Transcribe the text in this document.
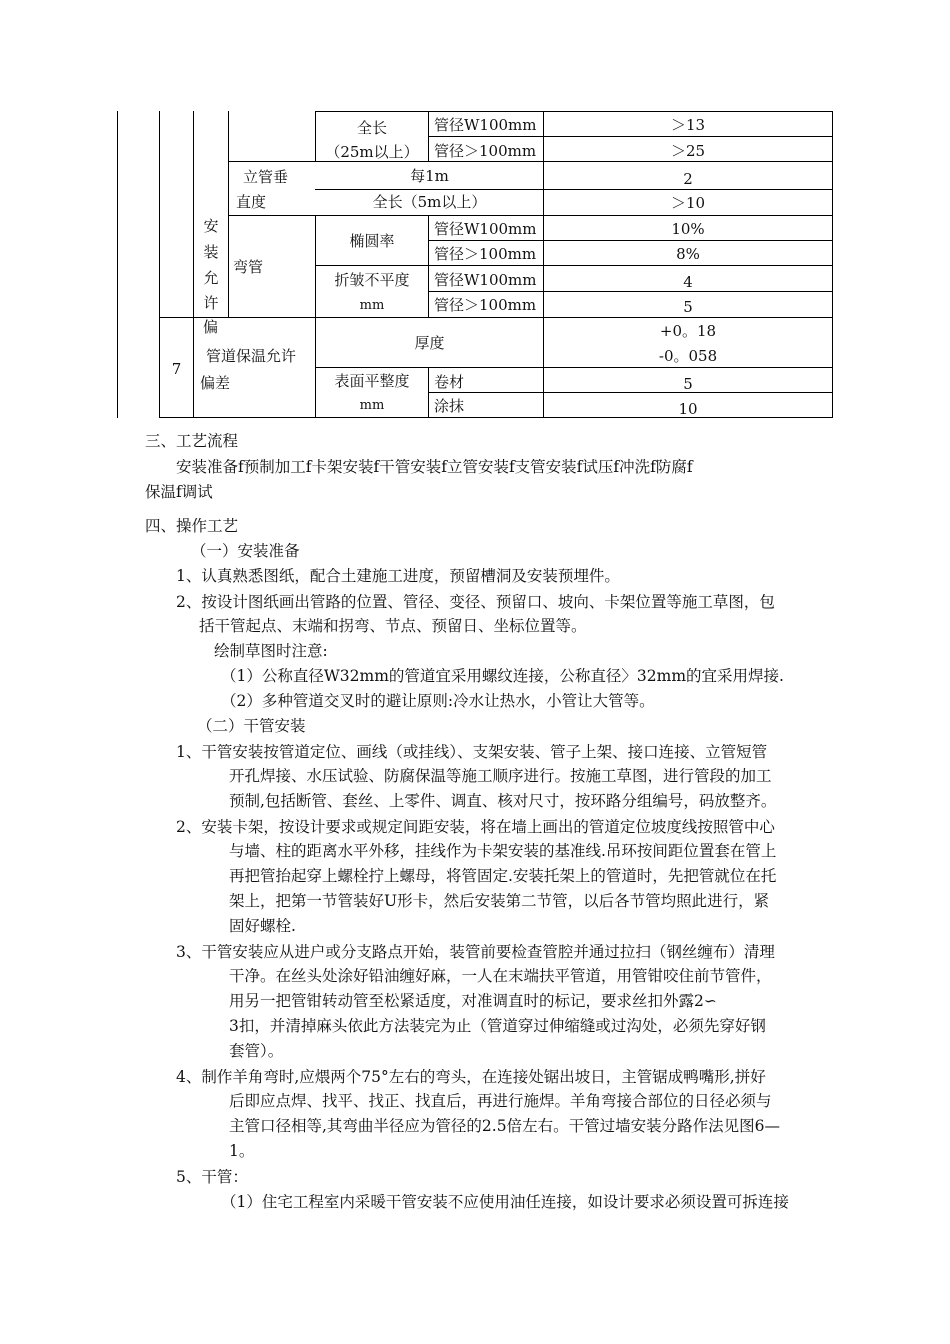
全长
（25m以上）
管径W100mm
管径＞100mm
＞13
＞25
立管垂
直度
每1m	2
全长（5m以上）	＞10
安
装
允
许
弯管
椭圆率
管径W100mm
管径＞100mm
10%
8%
折皱不平度
mm
管径W100mm
管径＞100mm
4
5
7
偏
管道保温允许
偏差
厚度
+0。18
-0。058
表面平整度
mm
卷材
涂抹
5
10
三、工艺流程
安装准备f预制加工f卡架安装f干管安装f立管安装f支管安装f试压f冲洗f防腐f
保温f调试
四、操作工艺
（一）安装准备
1、认真熟悉图纸，配合土建施工进度，预留槽洞及安装预埋件。
2、按设计图纸画出管路的位置、管径、变径、预留口、坡向、卡架位置等施工草图，包
括干管起点、末端和拐弯、节点、预留日、坐标位置等。
绘制草图时注意:
（1）公称直径W32mm的管道宜采用螺纹连接，公称直径〉32mm的宜采用焊接.
（2）多种管道交叉时的避让原则:冷水让热水，小管让大管等。
（二）干管安装
1、干管安装按管道定位、画线（或挂线）、支架安装、管子上架、接口连接、立管短管
开孔焊接、水压试验、防腐保温等施工顺序进行。按施工草图，进行管段的加工
预制,包括断管、套丝、上零件、调直、核对尺寸，按环路分组编号，码放整齐。
2、安装卡架，按设计要求或规定间距安装，将在墙上画出的管道定位坡度线按照管中心
与墙、柱的距离水平外移，挂线作为卡架安装的基准线.吊环按间距位置套在管上
再把管抬起穿上螺栓拧上螺母，将管固定.安装托架上的管道时，先把管就位在托
架上，把第一节管装好U形卡，然后安装第二节管，以后各节管均照此进行，紧
固好螺栓.
3、干管安装应从进户或分支路点开始，装管前要检查管腔并通过拉扫（钢丝缠布）清理
干净。在丝头处涂好铅油缠好麻，一人在末端扶平管道，用管钳咬住前节管件，
用另一把管钳转动管至松紧适度，对准调直时的标记，要求丝扣外露2∽
3扣，并清掉麻头依此方法装完为止（管道穿过伸缩缝或过沟处，必须先穿好钢
套管）。
4、制作羊角弯时,应煨两个75°左右的弯头，在连接处锯出坡日，主管锯成鸭嘴形,拼好
后即应点焊、找平、找正、找直后，再进行施焊。羊角弯接合部位的日径必须与
主管口径相等,其弯曲半径应为管径的2.5倍左右。干管过墙安装分路作法见图6—
1。
5、干管：
（1）住宅工程室内采暖干管安装不应使用油任连接，如设计要求必须设置可拆连接
